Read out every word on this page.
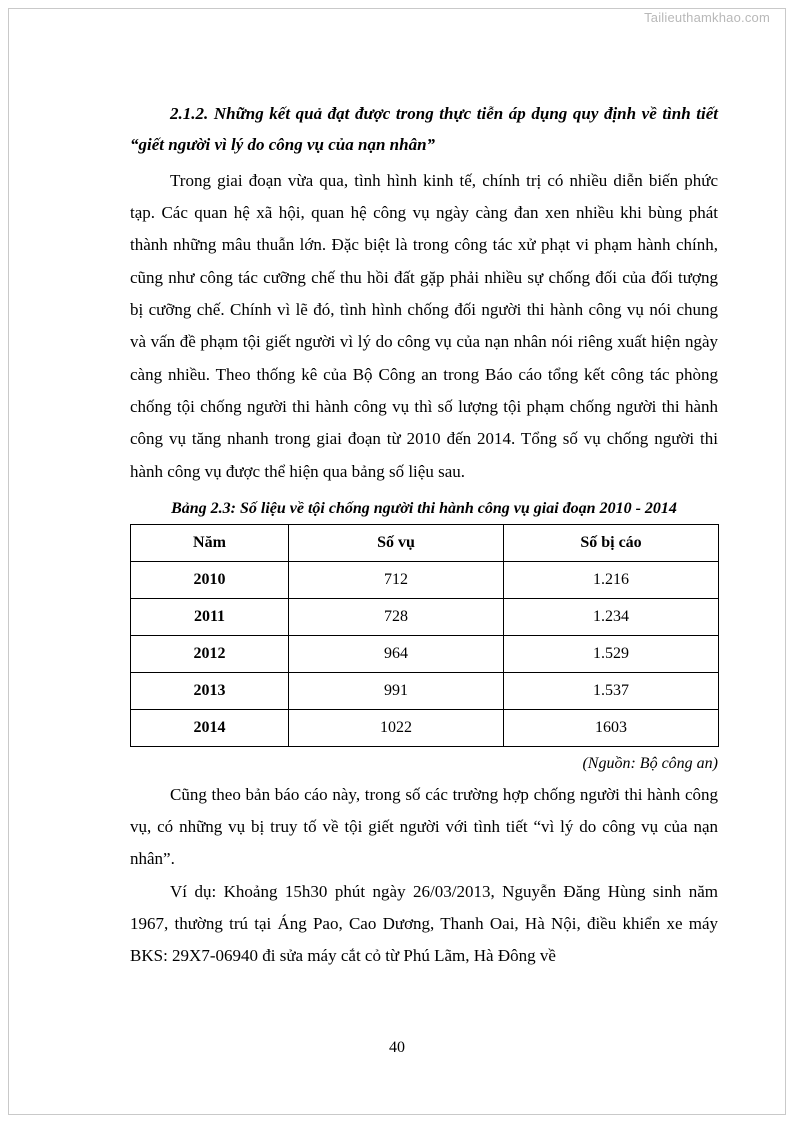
Tailieuthamkhao.com
2.1.2. Những kết quả đạt được trong thực tiễn áp dụng quy định về tình tiết “giết người vì lý do công vụ của nạn nhân”

Trong giai đoạn vừa qua, tình hình kinh tế, chính trị có nhiều diễn biến phức tạp. Các quan hệ xã hội, quan hệ công vụ ngày càng đan xen nhiều khi bùng phát thành những mâu thuẫn lớn. Đặc biệt là trong công tác xử phạt vi phạm hành chính, cũng như công tác cưỡng chế thu hồi đất gặp phải nhiều sự chống đối của đối tượng bị cưỡng chế. Chính vì lẽ đó, tình hình chống đối người thi hành công vụ nói chung và vấn đề phạm tội giết người vì lý do công vụ của nạn nhân nói riêng xuất hiện ngày càng nhiều. Theo thống kê của Bộ Công an trong Báo cáo tổng kết công tác phòng chống tội chống người thi hành công vụ thì số lượng tội phạm chống người thi hành công vụ tăng nhanh trong giai đoạn từ 2010 đến 2014. Tổng số vụ chống người thi hành công vụ được thể hiện qua bảng số liệu sau.

Bảng 2.3: Số liệu về tội chống người thi hành công vụ giai đoạn 2010 - 2014
Năm	Số vụ	Số bị cáo
2010	712	1.216
2011	728	1.234
2012	964	1.529
2013	991	1.537
2014	1022	1603
(Nguồn: Bộ công an)

Cũng theo bản báo cáo này, trong số các trường hợp chống người thi hành công vụ, có những vụ bị truy tố về tội giết người với tình tiết “vì lý do công vụ của nạn nhân”.

Ví dụ: Khoảng 15h30 phút ngày 26/03/2013, Nguyễn Đăng Hùng sinh năm 1967, thường trú tại Áng Pao, Cao Dương, Thanh Oai, Hà Nội, điều khiển xe máy BKS: 29X7-06940 đi sửa máy cắt cỏ từ Phú Lãm, Hà Đông về

40
